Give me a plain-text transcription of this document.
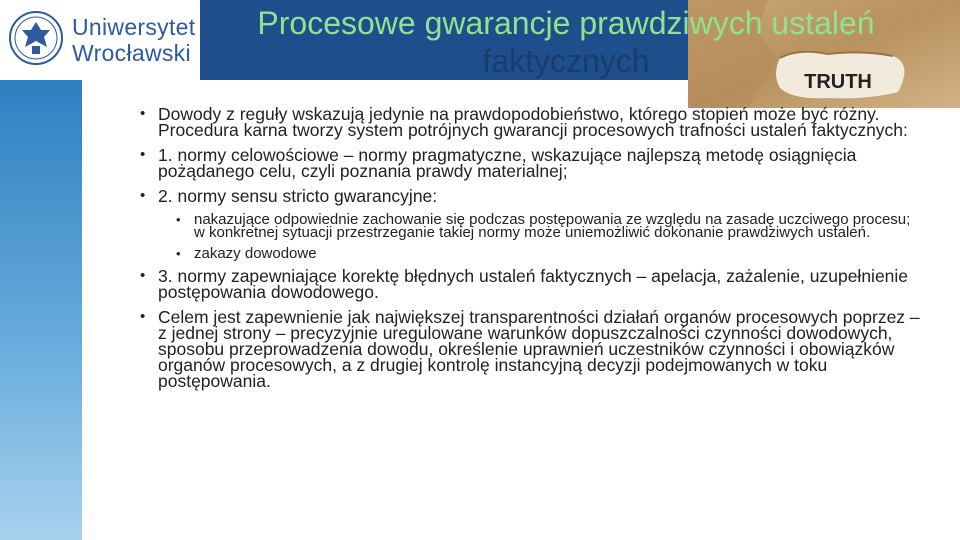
Uniwersytet
Wrocławski
TRUTH
Procesowe gwarancje prawdziwych ustaleń
faktycznych
• Dowody z reguły wskazują jedynie na prawdopodobieństwo, którego stopień może być różny. Procedura karna tworzy system potrójnych gwarancji procesowych trafności ustaleń faktycznych:
• 1. normy celowościowe – normy pragmatyczne, wskazujące najlepszą metodę osiągnięcia pożądanego celu, czyli poznania prawdy materialnej;
• 2. normy sensu stricto gwarancyjne:
• nakazujące odpowiednie zachowanie się podczas postępowania ze względu na zasadę uczciwego procesu; w konkretnej sytuacji przestrzeganie takiej normy może uniemożliwić dokonanie prawdziwych ustaleń.
• zakazy dowodowe
• 3. normy zapewniające korektę błędnych ustaleń faktycznych – apelacja, zażalenie, uzupełnienie postępowania dowodowego.
• Celem jest zapewnienie jak największej transparentności działań organów procesowych poprzez – z jednej strony – precyzyjnie uregulowane warunków dopuszczalności czynności dowodowych, sposobu przeprowadzenia dowodu, określenie uprawnień uczestników czynności i obowiązków organów procesowych, a z drugiej kontrolę instancyjną decyzji podejmowanych w toku postępowania.
